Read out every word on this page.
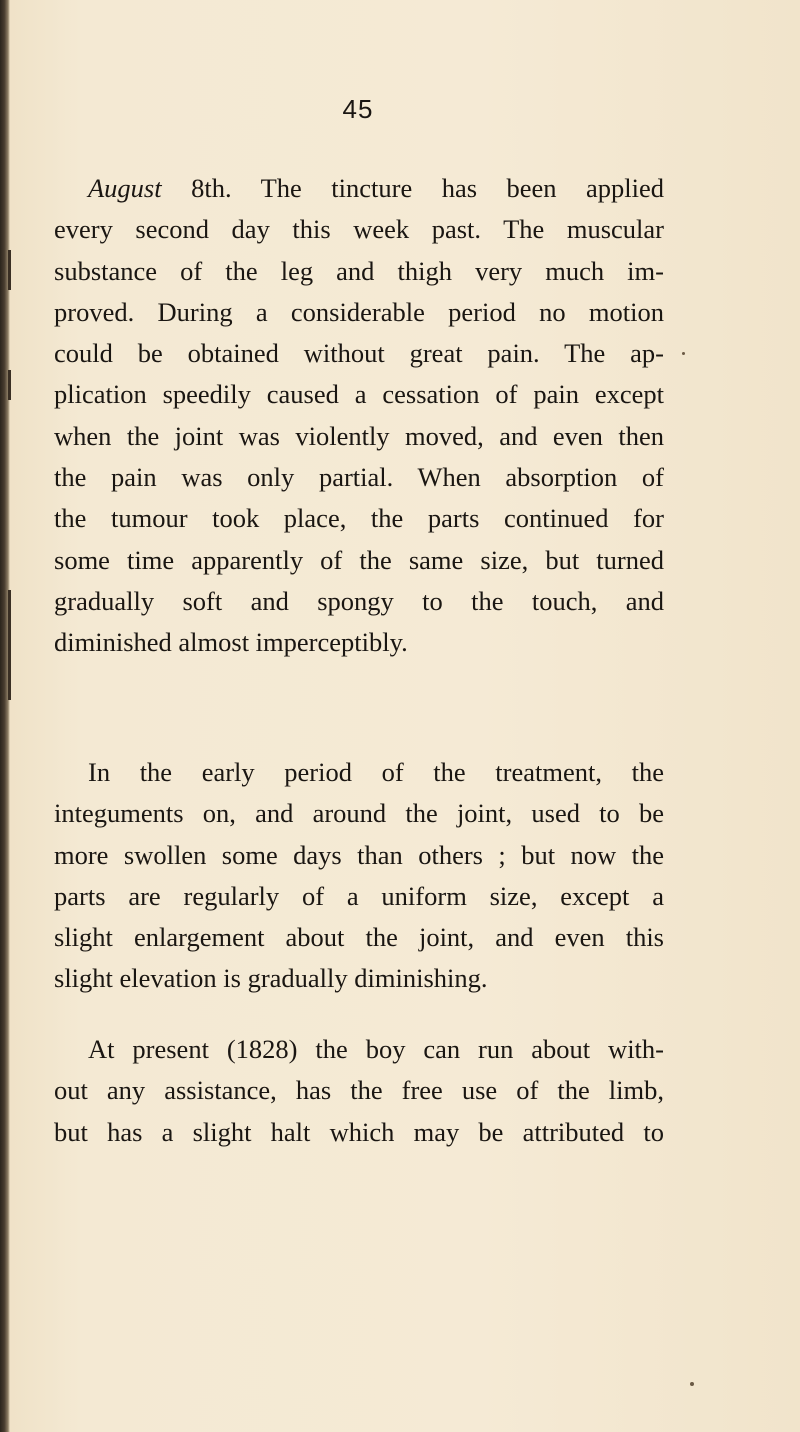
45

August 8th. The tincture has been applied

every second day this week past. The muscular
substance of the leg and thigh very much im-
proved. During a considerable period no motion
could be obtained without great pain. The ap-
plication speedily caused a cessation of pain except
when the joint was violently moved, and even then
the pain was only partial. When absorption of
the tumour took place, the parts continued for
some time apparently of the same size, but turned
gradually soft and spongy to the touch, and
diminished almost imperceptibly.
In the early period of the treatment, the
integuments on, and around the joint, used to be
more swollen some days than others ; but now the
parts are regularly of a uniform size, except a
slight enlargement about the joint, and even this
slight elevation is gradually diminishing.
At present (1828) the boy can run about with-
out any assistance, has the free use of the limb,
but has a slight halt which may be attributed to
